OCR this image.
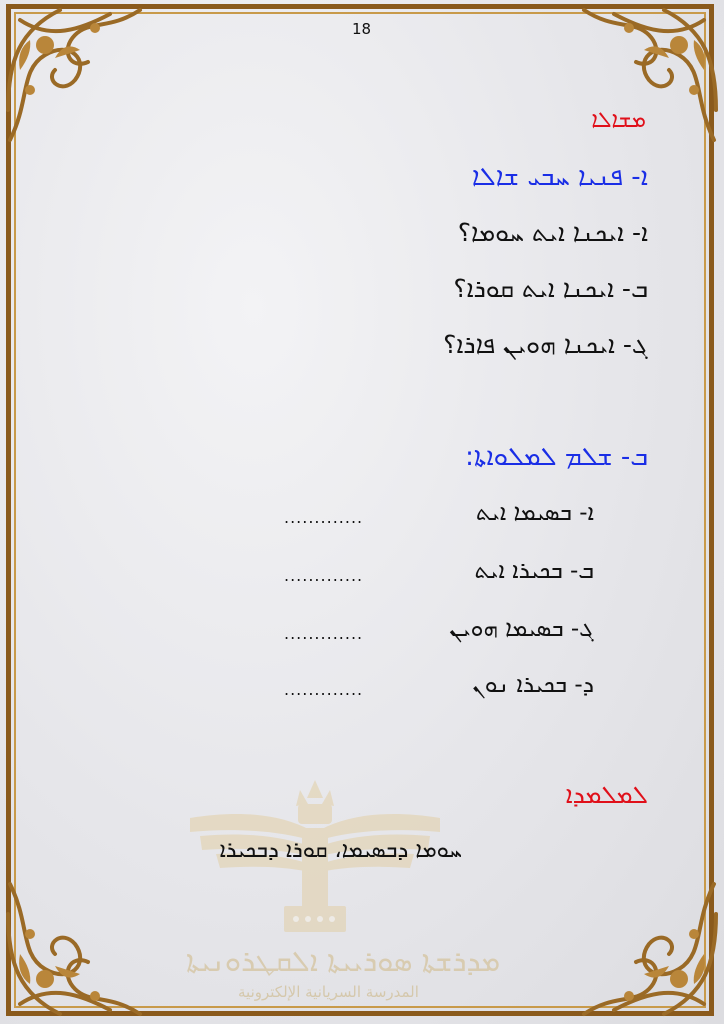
18
ܡܫܐܠܐ
ܐ- ܦܢܝܐ ܚܒܝ ܫܐܠܐ
ܐ- ܐܝܟܢܐ ܐܝܬ ܚܘܡܐ؟
ܒ- ܐܝܟܢܐ ܐܝܬ ܩܘܪܐ؟
ܓ- ܐܝܟܢܐ ܗܘܝܢ ܦܐܪܐ؟
ܒ- ܫܠܡ ܠܡܠܘܐܬܐ:
ܐ- ܒܣܝܡܐ ܐܝܬ
.............
ܒ- ܒܟܝܪܐ ܐܝܬ
.............
ܓ- ܒܣܝܡܐ ܗܘܝܢ
.............
ܕ- ܒܟܝܪܐ ܢܘܢ
.............
ܠܡܠܡܕܐ
ܚܘܡܐ ܕܒܣܝܡܐ، ܩܘܪܐ ܕܒܟܝܪܐ
ܡܕܪܫܬܐ ܣܘܪܝܝܬܐ ܐܠܩܛܪܘܢܝܬܐ
المدرسة السريانية الإلكترونية
